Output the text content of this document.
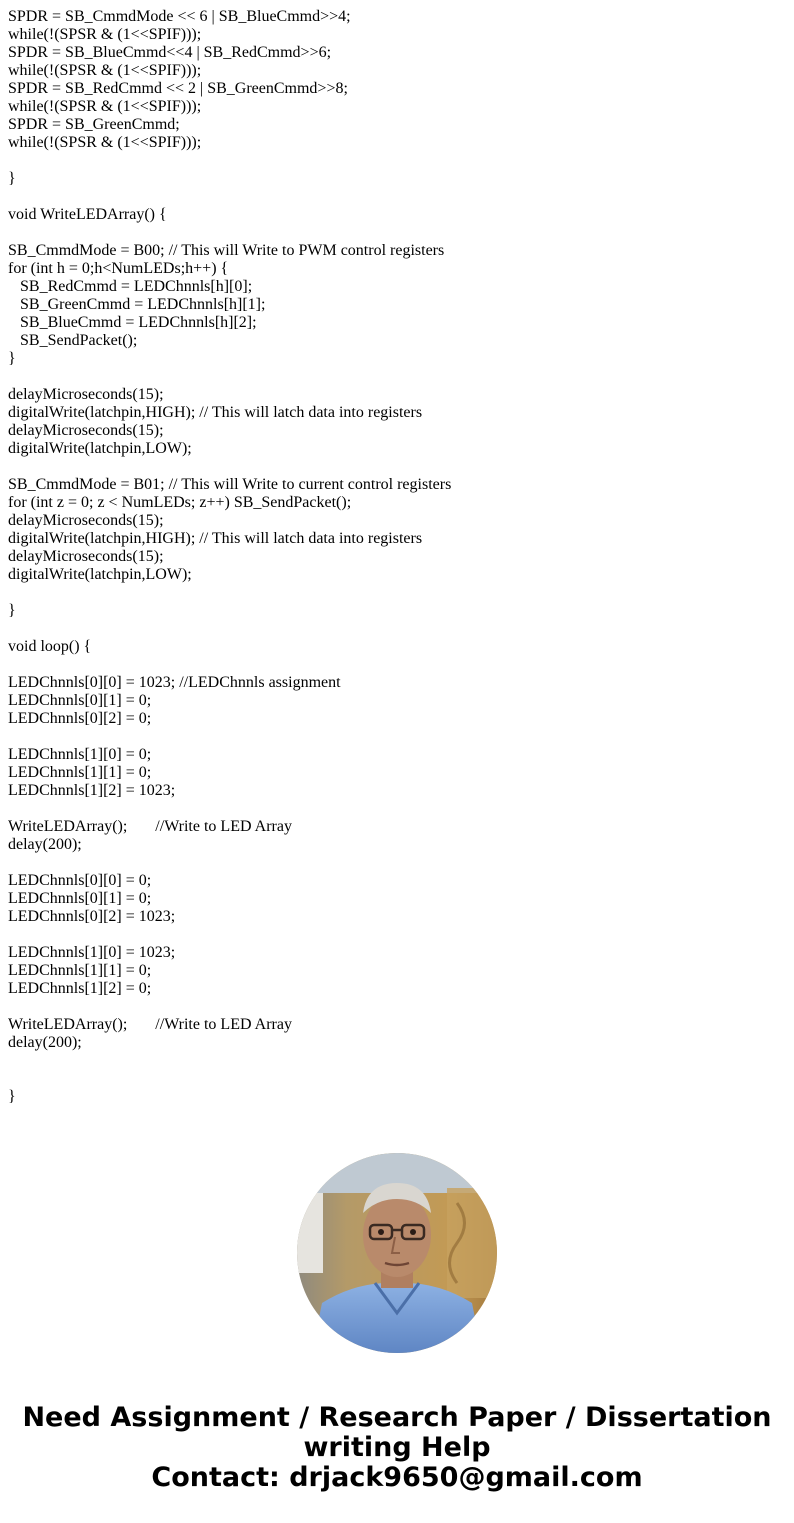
SPDR = SB_CmmdMode << 6 | SB_BlueCmmd>>4;
while(!(SPSR & (1<<SPIF)));
SPDR = SB_BlueCmmd<<4 | SB_RedCmmd>>6;
while(!(SPSR & (1<<SPIF)));
SPDR = SB_RedCmmd << 2 | SB_GreenCmmd>>8;
while(!(SPSR & (1<<SPIF)));
SPDR = SB_GreenCmmd;
while(!(SPSR & (1<<SPIF)));
}
void WriteLEDArray() {
SB_CmmdMode = B00; // This will Write to PWM control registers
for (int h = 0;h<NumLEDs;h++) {
SB_RedCmmd = LEDChnnls[h][0];
SB_GreenCmmd = LEDChnnls[h][1];
SB_BlueCmmd = LEDChnnls[h][2];
SB_SendPacket();
}
delayMicroseconds(15);
digitalWrite(latchpin,HIGH); // This will latch data into registers
delayMicroseconds(15);
digitalWrite(latchpin,LOW);
SB_CmmdMode = B01; // This will Write to current control registers
for (int z = 0; z < NumLEDs; z++) SB_SendPacket();
delayMicroseconds(15);
digitalWrite(latchpin,HIGH); // This will latch data into registers
delayMicroseconds(15);
digitalWrite(latchpin,LOW);
}
void loop() {
LEDChnnls[0][0] = 1023; //LEDChnnls assignment
LEDChnnls[0][1] = 0;
LEDChnnls[0][2] = 0;
LEDChnnls[1][0] = 0;
LEDChnnls[1][1] = 0;
LEDChnnls[1][2] = 1023;
WriteLEDArray();       //Write to LED Array
delay(200);
LEDChnnls[0][0] = 0;
LEDChnnls[0][1] = 0;
LEDChnnls[0][2] = 1023;
LEDChnnls[1][0] = 1023;
LEDChnnls[1][1] = 0;
LEDChnnls[1][2] = 0;
WriteLEDArray();       //Write to LED Array
delay(200);
}
Need Assignment / Research Paper / Dissertation
writing Help
Contact: drjack9650@gmail.com
